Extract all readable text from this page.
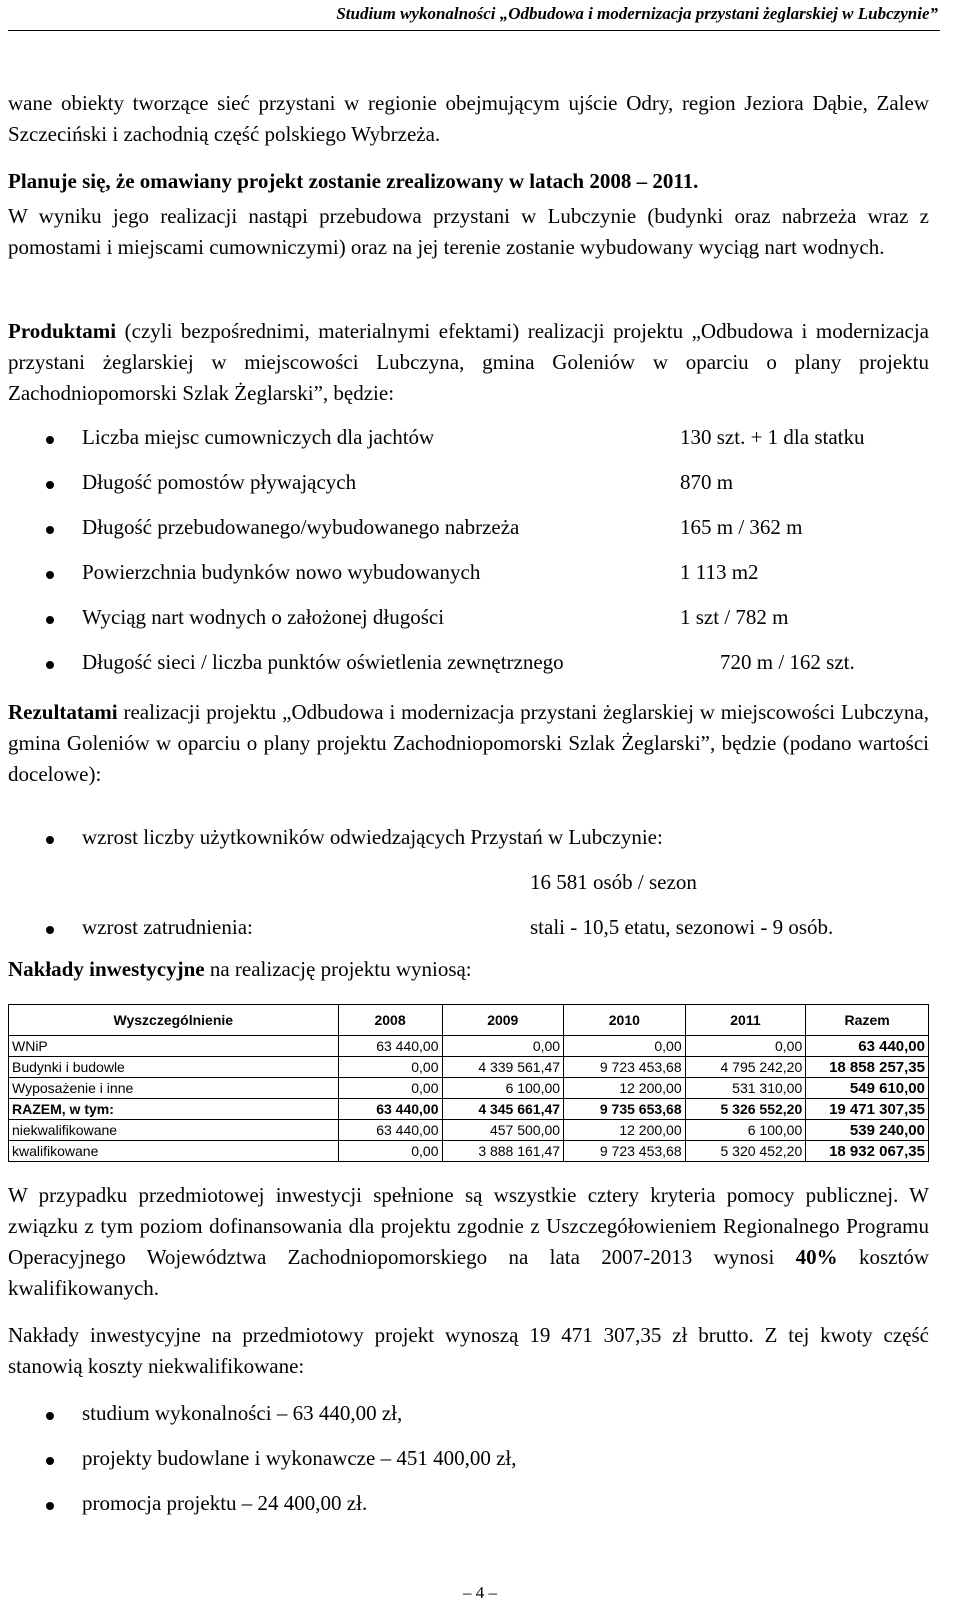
Studium wykonalności „Odbudowa i modernizacja przystani żeglarskiej w Lubczynie”

wane obiekty tworzące sieć przystani w regionie obejmującym ujście Odry, region Jeziora Dąbie, Zalew Szczeciński i zachodnią część polskiego Wybrzeża.

Planuje się, że omawiany projekt zostanie zrealizowany w latach 2008 – 2011.

W wyniku jego realizacji nastąpi przebudowa przystani w Lubczynie (budynki oraz nabrzeża wraz z pomostami i miejscami cumowniczymi) oraz na jej terenie zostanie wybudowany wyciąg nart wodnych.

Produktami (czyli bezpośrednimi, materialnymi efektami) realizacji projektu „Odbudowa i modernizacja przystani żeglarskiej w miejscowości Lubczyna, gmina Goleniów w oparciu o plany projektu Zachodniopomorski Szlak Żeglarski”, będzie:

Liczba miejsc cumowniczych dla jachtów	130 szt. + 1 dla statku
Długość pomostów pływających	870 m
Długość przebudowanego/wybudowanego nabrzeża	165 m / 362 m
Powierzchnia budynków nowo wybudowanych	1 113 m2
Wyciąg nart wodnych o założonej długości	1 szt / 782 m
Długość sieci / liczba punktów oświetlenia zewnętrznego	720 m / 162 szt.

Rezultatami realizacji projektu „Odbudowa i modernizacja przystani żeglarskiej w miejscowości Lubczyna, gmina Goleniów w oparciu o plany projektu Zachodniopomorski Szlak Żeglarski”, będzie (podano wartości docelowe):

wzrost liczby użytkowników odwiedzających Przystań w Lubczynie:
16 581 osób / sezon
wzrost zatrudnienia:	stali - 10,5 etatu, sezonowi - 9 osób.

Nakłady inwestycyjne na realizację projektu wyniosą:

Wyszczególnienie	2008	2009	2010	2011	Razem
WNiP	63 440,00	0,00	0,00	0,00	63 440,00
Budynki i budowle	0,00	4 339 561,47	9 723 453,68	4 795 242,20	18 858 257,35
Wyposażenie i inne	0,00	6 100,00	12 200,00	531 310,00	549 610,00
RAZEM, w tym:	63 440,00	4 345 661,47	9 735 653,68	5 326 552,20	19 471 307,35
niekwalifikowane	63 440,00	457 500,00	12 200,00	6 100,00	539 240,00
kwalifikowane	0,00	3 888 161,47	9 723 453,68	5 320 452,20	18 932 067,35

W przypadku przedmiotowej inwestycji spełnione są wszystkie cztery kryteria pomocy publicznej. W związku z tym poziom dofinansowania dla projektu zgodnie z Uszczegółowieniem Regionalnego Programu Operacyjnego Województwa Zachodniopomorskiego na lata 2007-2013 wynosi 40% kosztów kwalifikowanych.

Nakłady inwestycyjne na przedmiotowy projekt wynoszą 19 471 307,35 zł brutto. Z tej kwoty część stanowią koszty niekwalifikowane:

studium wykonalności – 63 440,00 zł,
projekty budowlane i wykonawcze – 451 400,00 zł,
promocja projektu – 24 400,00 zł.
– 4 –
